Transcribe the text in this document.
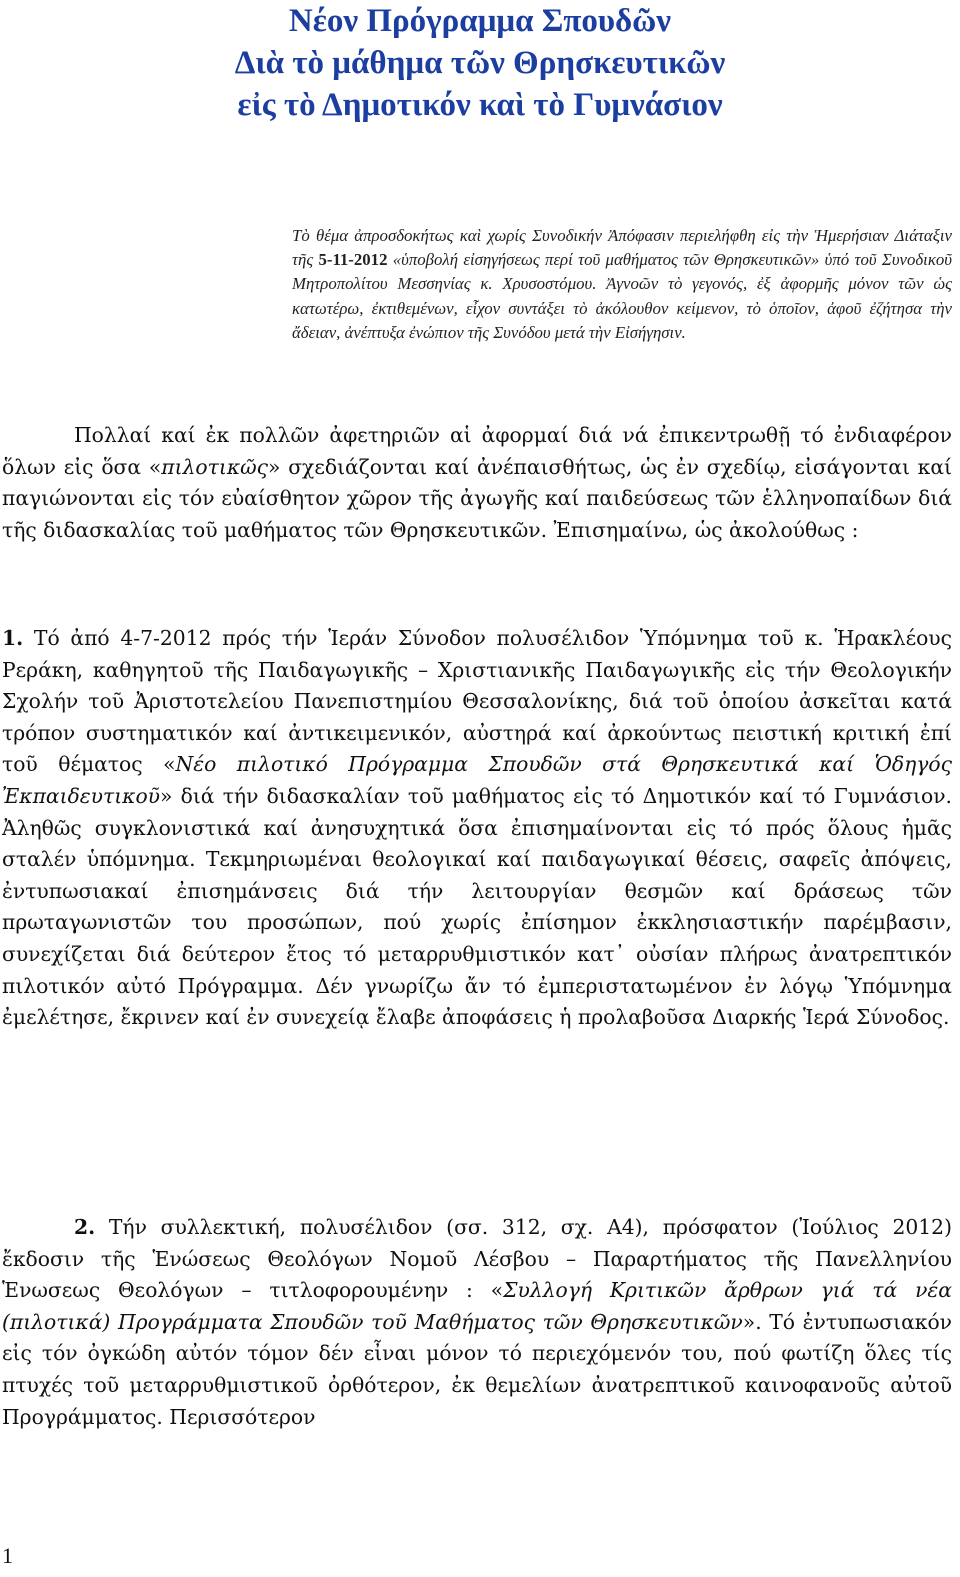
Νέον Πρόγραμμα Σπουδῶν
Διὰ τὸ μάθημα τῶν Θρησκευτικῶν
εἰς τὸ Δημοτικόν καὶ τὸ Γυμνάσιον
Τὸ θέμα ἀπροσδοκήτως καὶ χωρίς Συνοδικήν Ἀπόφασιν περιελήφθη εἰς τὴν Ἡμερήσιαν Διάταξιν τῆς 5-11-2012 «ὑποβολή εἰσηγήσεως περί τοῦ μαθήματος τῶν Θρησκευτικῶν» ὑπό τοῦ Συνοδικοῦ Μητροπολίτου Μεσσηνίας κ. Χρυσοστόμου. Ἀγνοῶν τὸ γεγονός, ἐξ ἀφορμῆς μόνον τῶν ὡς κατωτέρω, ἐκτιθεμένων, εἶχον συντάξει τὸ ἀκόλουθον κείμενον, τὸ ὁποῖον, ἀφοῦ ἐζήτησα τὴν ἄδειαν, ἀνέπτυξα ἐνώπιον τῆς Συνόδου μετά τὴν Εἰσήγησιν.
Πολλαί καί ἐκ πολλῶν ἀφετηριῶν αἱ ἀφορμαί διά νά ἐπικεντρωθῇ τό ἐνδιαφέρον ὅλων εἰς ὅσα «πιλοτικῶς» σχεδιάζονται καί ἀνέπαισθήτως, ὡς ἐν σχεδίῳ, εἰσάγονται καί παγιώνονται εἰς τόν εὐαίσθητον χῶρον τῆς ἀγωγῆς καί παιδεύσεως τῶν ἑλληνοπαίδων διά τῆς διδασκαλίας τοῦ μαθήματος τῶν Θρησκευτικῶν. Ἐπισημαίνω, ὡς ἀκολούθως :
1. Τό ἀπό 4-7-2012 πρός τήν Ἱεράν Σύνοδον πολυσέλιδον Ὑπόμνημα τοῦ κ. Ἡρακλέους Ρεράκη, καθηγητοῦ τῆς Παιδαγωγικῆς – Χριστιανικῆς Παιδαγωγικῆς εἰς τήν Θεολογικήν Σχολήν τοῦ Ἀριστοτελείου Πανεπιστημίου Θεσσαλονίκης, διά τοῦ ὁποίου ἀσκεῖται κατά τρόπον συστηματικόν καί ἀντικειμενικόν, αὐστηρά καί ἀρκούντως πειστική κριτική ἐπί τοῦ θέματος «Νέο πιλοτικό Πρόγραμμα Σπουδῶν στά Θρησκευτικά καί Ὁδηγός Ἐκπαιδευτικοῦ» διά τήν διδασκαλίαν τοῦ μαθήματος εἰς τό Δημοτικόν καί τό Γυμνάσιον. Ἀληθῶς συγκλονιστικά καί ἀνησυχητικά ὅσα ἐπισημαίνονται εἰς τό πρός ὅλους ἡμᾶς σταλέν ὑπόμνημα. Τεκμηριωμέναι θεολογικαί καί παιδαγωγικαί θέσεις, σαφεῖς ἀπόψεις, ἐντυπωσιακαί ἐπισημάνσεις διά τήν λειτουργίαν θεσμῶν καί δράσεως τῶν πρωταγωνιστῶν του προσώπων, πού χωρίς ἐπίσημον ἐκκλησιαστικήν παρέμβασιν, συνεχίζεται διά δεύτερον ἔτος τό μεταρρυθμιστικόν κατ᾽ οὐσίαν πλήρως ἀνατρεπτικόν πιλοτικόν αὐτό Πρόγραμμα. Δέν γνωρίζω ἄν τό ἐμπεριστατωμένον ἐν λόγῳ Ὑπόμνημα ἐμελέτησε, ἔκρινεν καί ἐν συνεχείᾳ ἔλαβε ἀποφάσεις ἡ προλαβοῦσα Διαρκής Ἱερά Σύνοδος.
2. Τήν συλλεκτική, πολυσέλιδον (σσ. 312, σχ. Α4), πρόσφατον (Ἰούλιος 2012) ἔκδοσιν τῆς Ἑνώσεως Θεολόγων Νομοῦ Λέσβου – Παραρτήματος τῆς Πανελληνίου Ἑνωσεως Θεολόγων – τιτλοφορουμένην : «Συλλογή Κριτικῶν ἄρθρων γιά τά νέα (πιλοτικά) Προγράμματα Σπουδῶν τοῦ Μαθήματος τῶν Θρησκευτικῶν». Τό ἐντυπωσιακόν εἰς τόν ὀγκώδη αὐτόν τόμον δέν εἶναι μόνον τό περιεχόμενόν του, πού φωτίζη ὅλες τίς πτυχές τοῦ μεταρρυθμιστικοῦ ὀρθότερον, ἐκ θεμελίων ἀνατρεπτικοῦ καινοφανοῦς αὐτοῦ Προγράμματος. Περισσότερον
1
